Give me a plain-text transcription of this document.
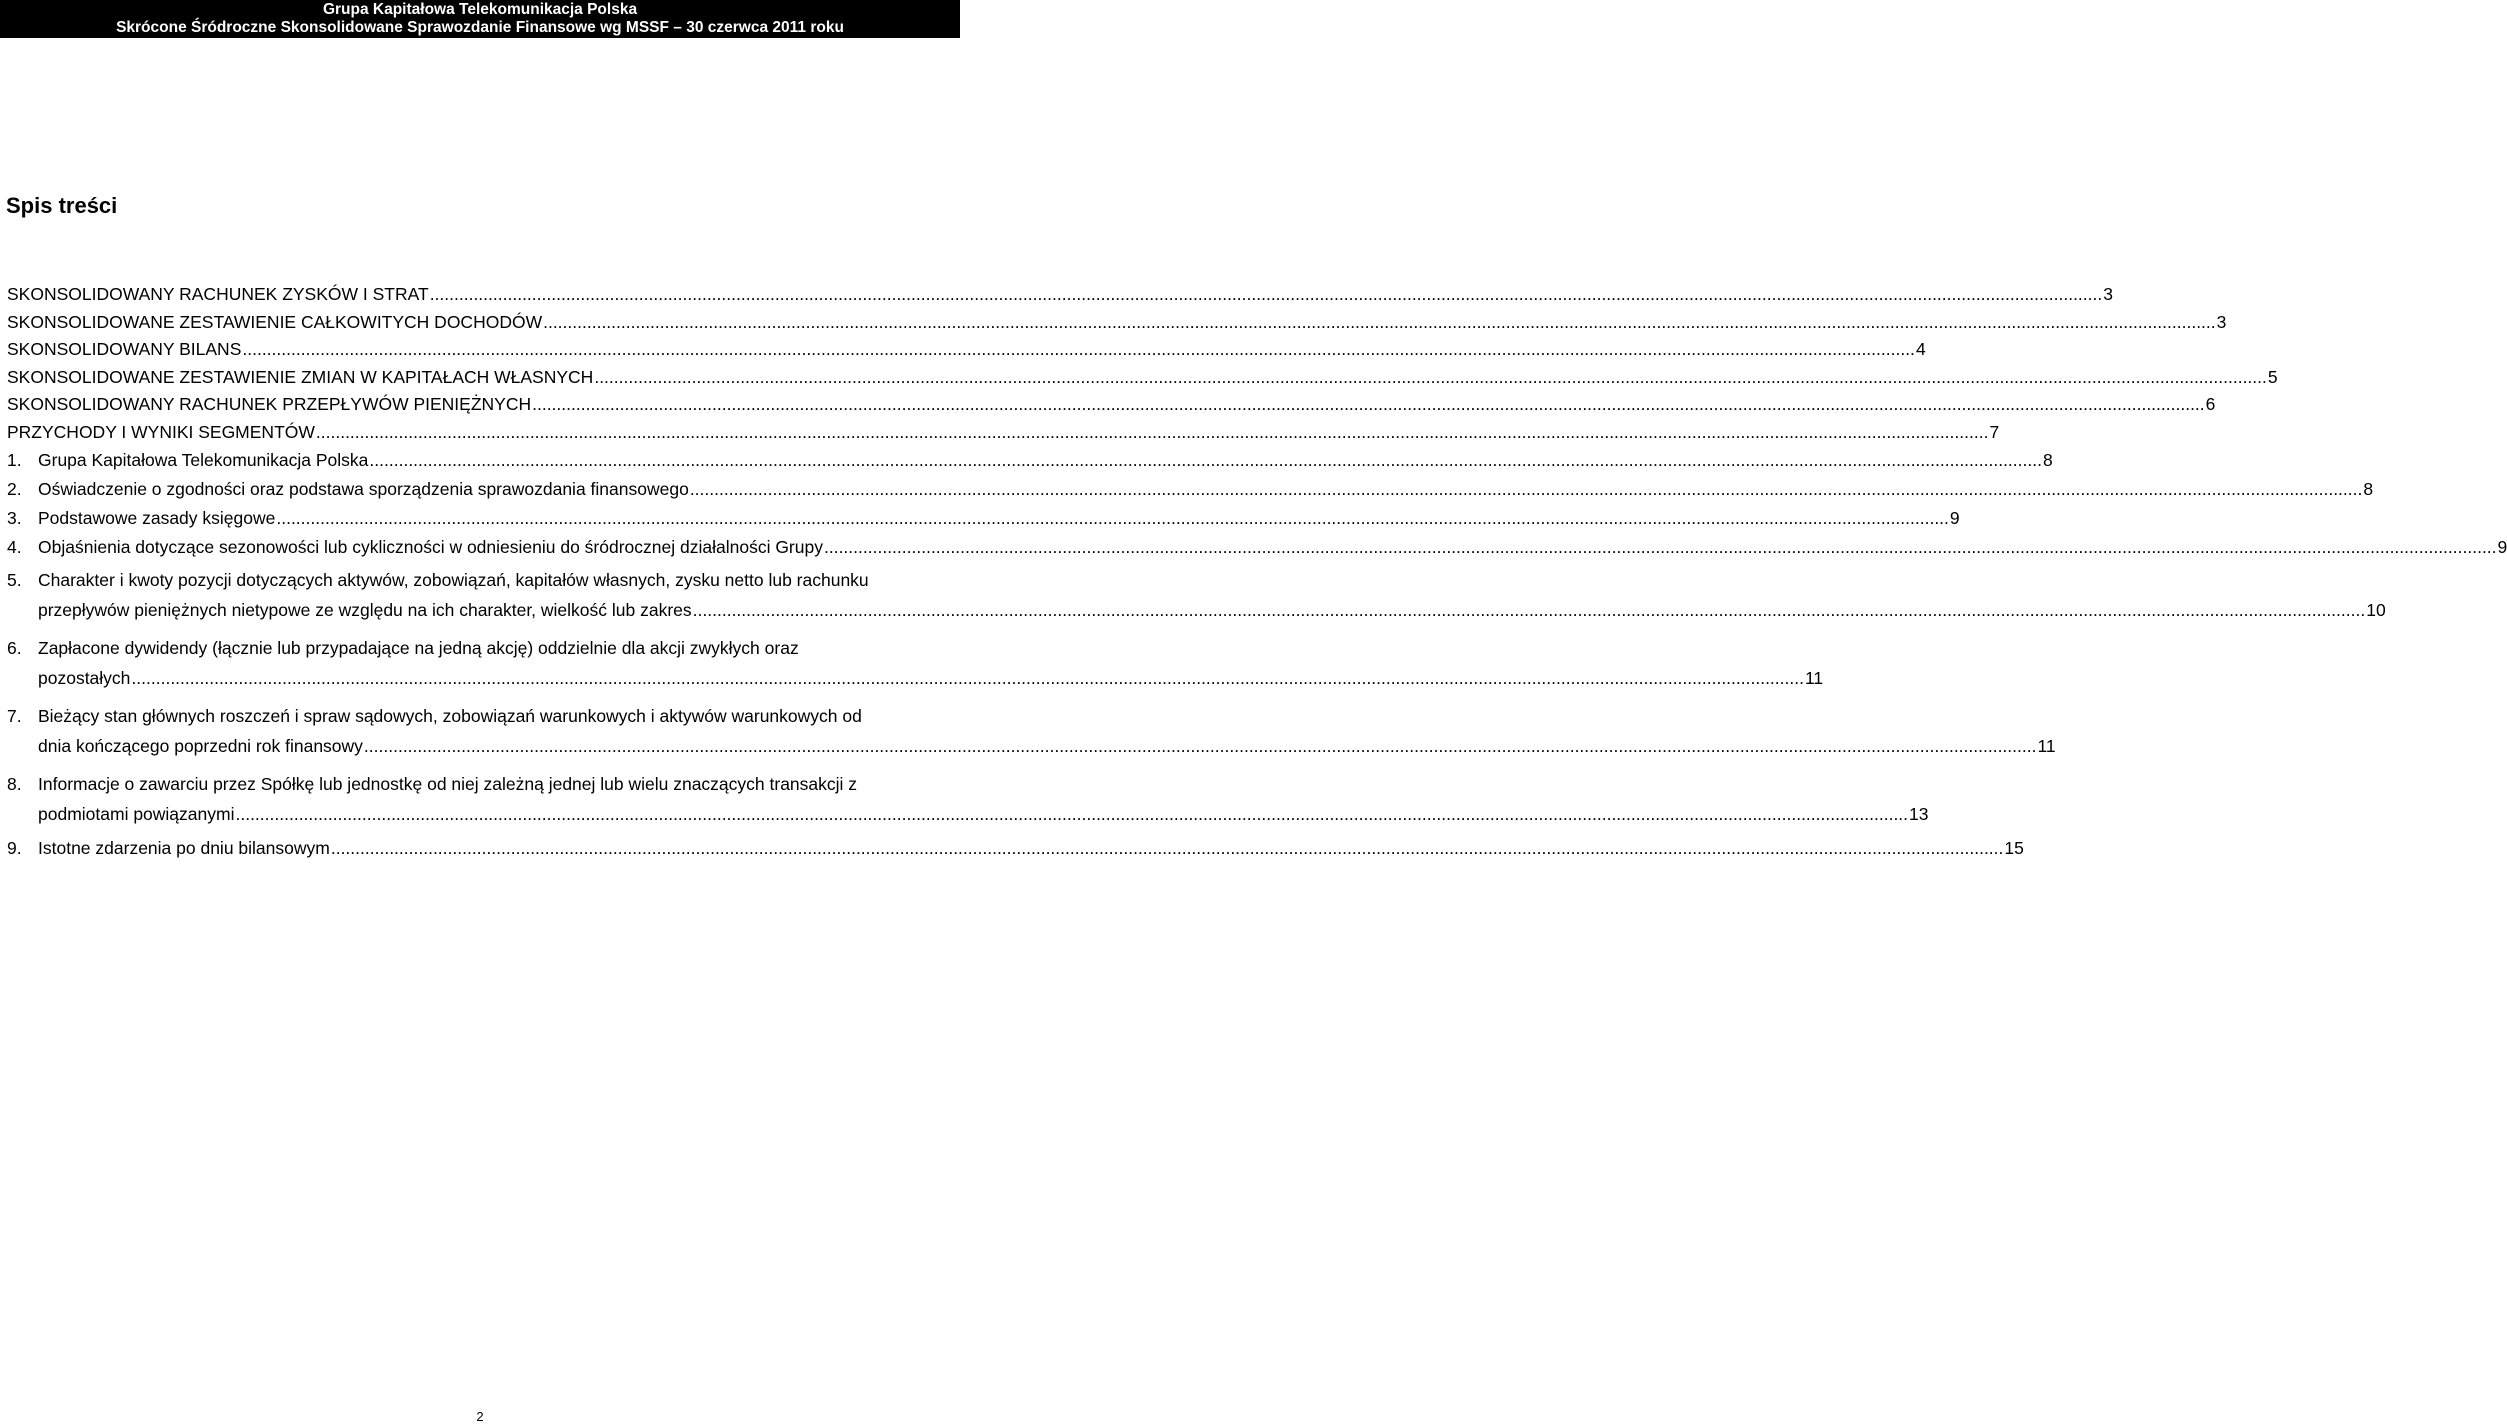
Grupa Kapitałowa Telekomunikacja Polska
Skrócone Śródroczne Skonsolidowane Sprawozdanie Finansowe wg MSSF – 30 czerwca 2011 roku
Spis treści
SKONSOLIDOWANY RACHUNEK ZYSKÓW I STRAT .....	3
SKONSOLIDOWANE ZESTAWIENIE CAŁKOWITYCH DOCHODÓW .....	3
SKONSOLIDOWANY BILANS .....	4
SKONSOLIDOWANE ZESTAWIENIE ZMIAN W KAPITAŁACH WŁASNYCH .....	5
SKONSOLIDOWANY RACHUNEK PRZEPŁYWÓW PIENIĘŻNYCH .....	6
PRZYCHODY I WYNIKI SEGMENTÓW .....	7
1. Grupa Kapitałowa Telekomunikacja Polska .....	8
2. Oświadczenie o zgodności oraz podstawa sporządzenia sprawozdania finansowego .....	8
3. Podstawowe zasady księgowe .....	9
4. Objaśnienia dotyczące sezonowości lub cykliczności w odniesieniu do śródrocznej działalności Grupy .....	9
5. Charakter i kwoty pozycji dotyczących aktywów, zobowiązań, kapitałów własnych, zysku netto lub rachunku
przepływów pieniężnych nietypowe ze względu na ich charakter, wielkość lub zakres .....	10
6. Zapłacone dywidendy (łącznie lub przypadające na jedną akcję) oddzielnie dla akcji zwykłych oraz
pozostałych .....	11
7. Bieżący stan głównych roszczeń i spraw sądowych, zobowiązań warunkowych i aktywów warunkowych od
dnia kończącego poprzedni rok finansowy .....	11
8. Informacje o zawarciu przez Spółkę lub jednostkę od niej zależną jednej lub wielu znaczących transakcji z
podmiotami powiązanymi .....	13
9. Istotne zdarzenia po dniu bilansowym .....	15
2
